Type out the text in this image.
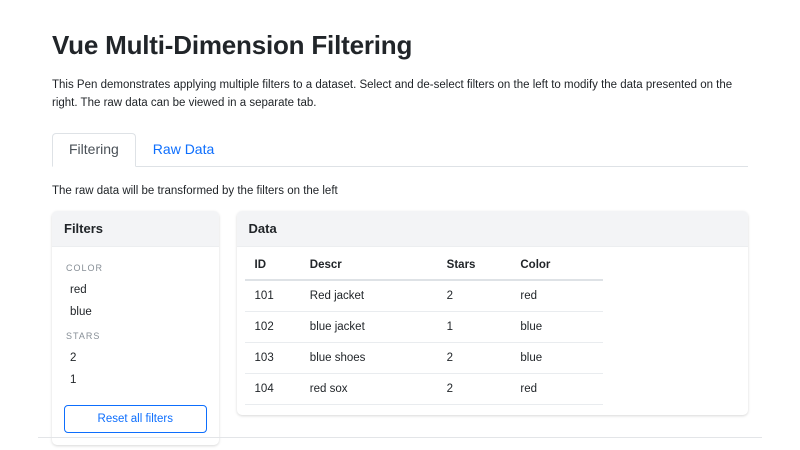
Vue Multi-Dimension Filtering

This Pen demonstrates applying multiple filters to a dataset. Select and de-select filters on the left to modify the data presented on the right. The raw data can be viewed in a separate tab.

Filtering	Raw Data

The raw data will be transformed by the filters on the left

Filters
COLOR
red
blue
STARS
2
1
Reset all filters
Data
ID	Descr	Stars	Color
101	Red jacket	2	red
102	blue jacket	1	blue
103	blue shoes	2	blue
104	red sox	2	red
